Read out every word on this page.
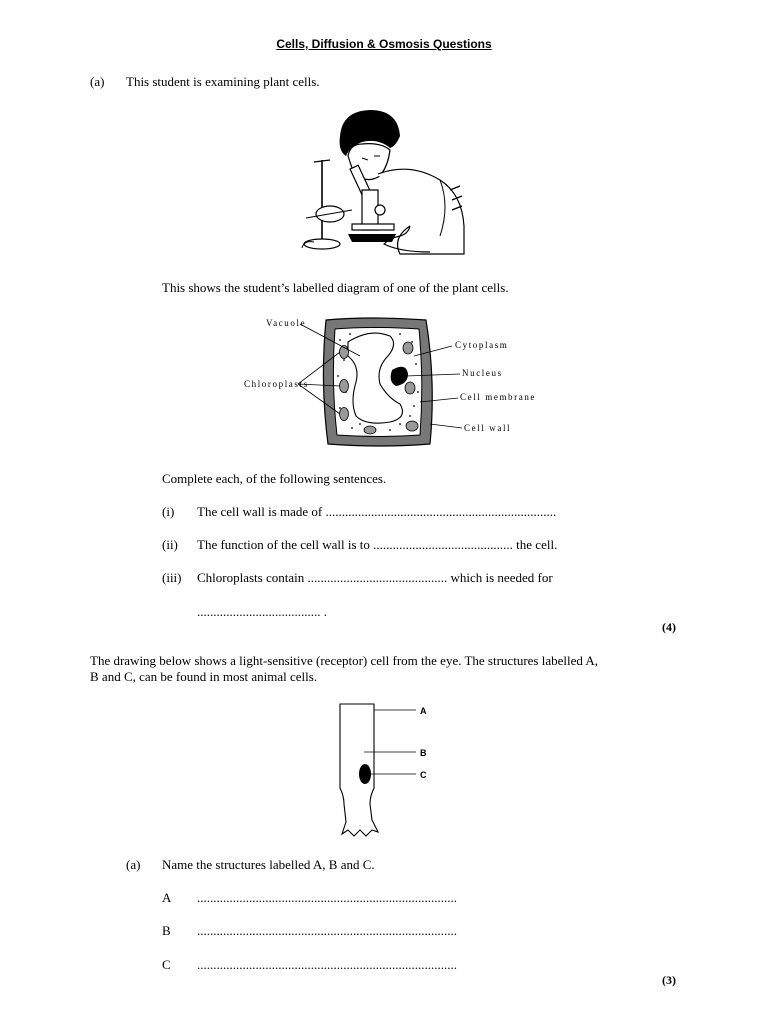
Cells, Diffusion & Osmosis Questions
(a) This student is examining plant cells.
This shows the student’s labelled diagram of one of the plant cells.
Vacuole
Chloroplasts
Cytoplasm
Nucleus
Cell membrane
Cell wall
Complete each, of the following sentences.
(i) The cell wall is made of .......................................................................
(ii) The function of the cell wall is to ........................................... the cell.
(iii) Chloroplasts contain ........................................... which is needed for
...................................... .
(4)
The drawing below shows a light-sensitive (receptor) cell from the eye. The structures labelled A,
B and C, can be found in most animal cells.
A
B
C
(a) Name the structures labelled A, B and C.
A ................................................................................
B ................................................................................
C ................................................................................
(3)
